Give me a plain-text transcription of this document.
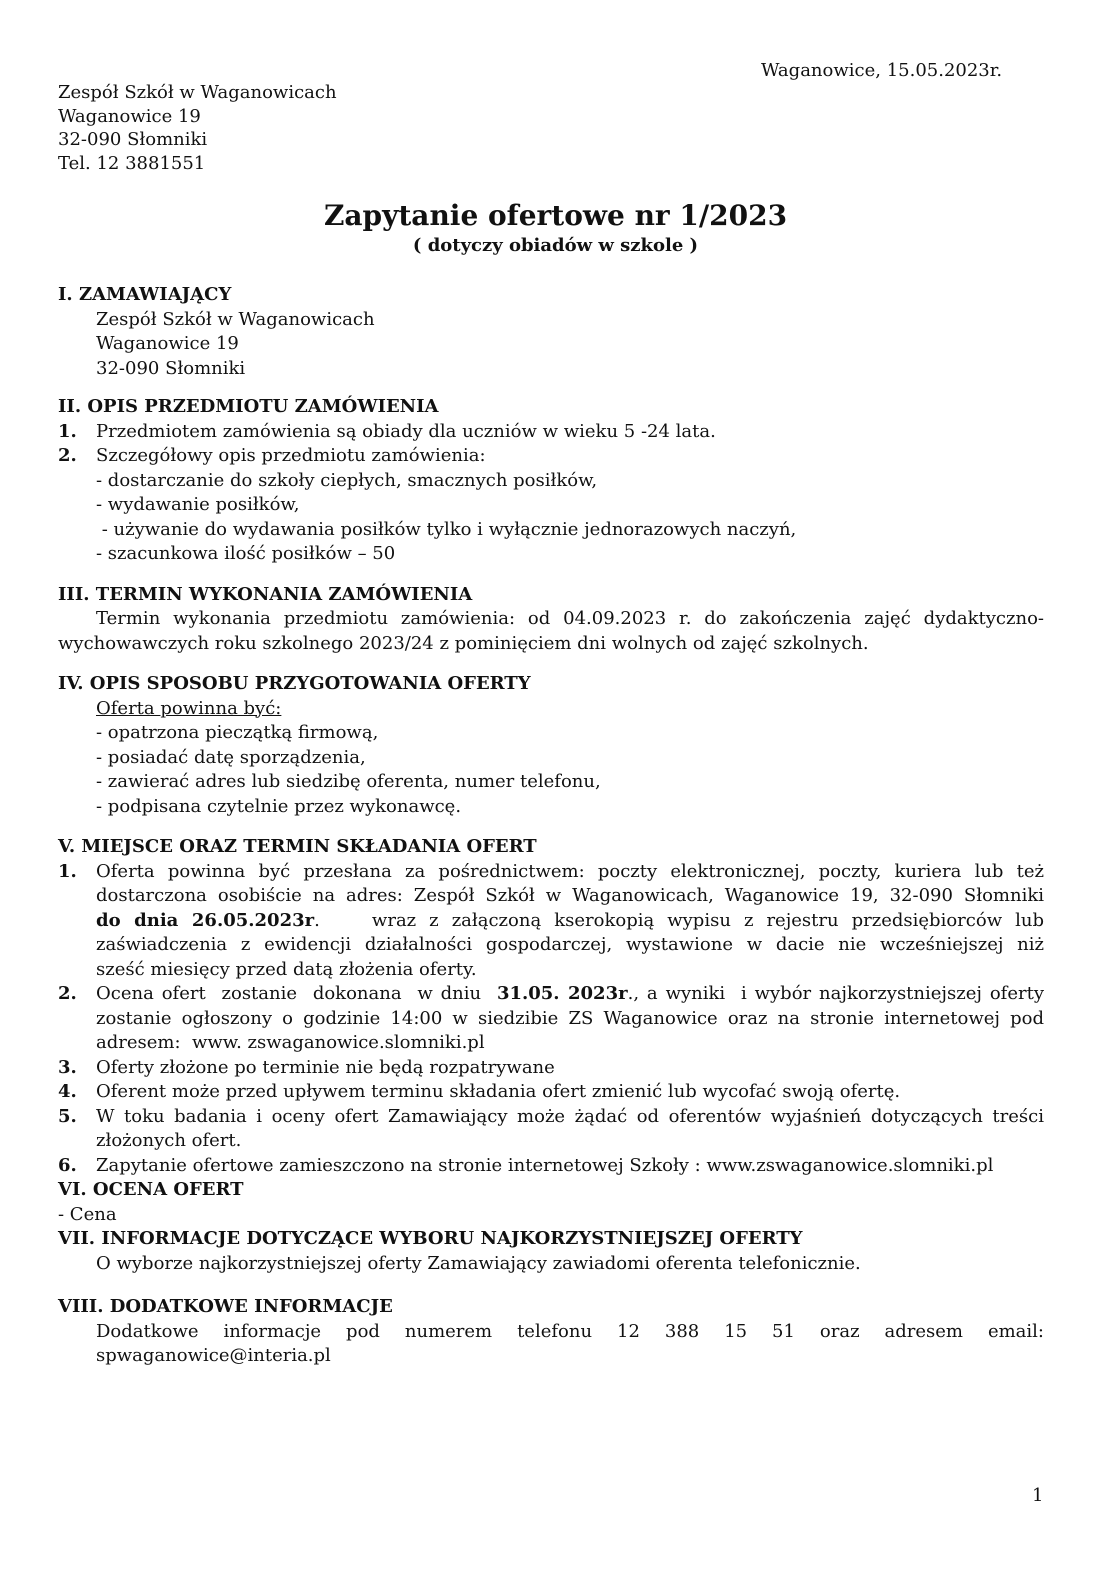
Waganowice, 15.05.2023r.
Zespół Szkół w Waganowicach
Waganowice 19
32-090 Słomniki
Tel. 12 3881551
Zapytanie ofertowe nr 1/2023
( dotyczy obiadów w szkole )
I. ZAMAWIAJĄCY
Zespół Szkół w Waganowicach
Waganowice 19
32-090 Słomniki
II. OPIS PRZEDMIOTU ZAMÓWIENIA
1.	Przedmiotem zamówienia są obiady dla uczniów w wieku 5 -24 lata.
2.	Szczegółowy opis przedmiotu zamówienia:
- dostarczanie do szkoły ciepłych, smacznych posiłków,
- wydawanie posiłków,
- używanie do wydawania posiłków tylko i wyłącznie jednorazowych naczyń,
- szacunkowa ilość posiłków – 50
III. TERMIN WYKONANIA ZAMÓWIENIA
Termin wykonania przedmiotu zamówienia: od 04.09.2023 r. do zakończenia zajęć dydaktyczno-
wychowawczych roku szkolnego 2023/24 z pominięciem dni wolnych od zajęć szkolnych.
IV. OPIS SPOSOBU PRZYGOTOWANIA OFERTY
Oferta powinna być:
- opatrzona pieczątką firmową,
- posiadać datę sporządzenia,
- zawierać adres lub siedzibę oferenta, numer telefonu,
- podpisana czytelnie przez wykonawcę.
V. MIEJSCE ORAZ TERMIN SKŁADANIA OFERT
1.	Oferta powinna być przesłana za pośrednictwem: poczty elektronicznej, poczty, kuriera lub też
dostarczona osobiście na adres: Zespół Szkół w Waganowicach, Waganowice 19, 32-090 Słomniki
do dnia 26.05.2023r.    wraz z załączoną kserokopią wypisu z rejestru przedsiębiorców lub
zaświadczenia z ewidencji działalności gospodarczej, wystawione w dacie nie wcześniejszej niż
sześć miesięcy przed datą złożenia oferty.
2.	Ocena ofert  zostanie  dokonana  w dniu  31.05. 2023r., a wyniki  i wybór najkorzystniejszej oferty
zostanie ogłoszony o godzinie 14:00 w siedzibie ZS Waganowice oraz na stronie internetowej pod
adresem:  www. zswaganowice.slomniki.pl
3.	Oferty złożone po terminie nie będą rozpatrywane
4.	Oferent może przed upływem terminu składania ofert zmienić lub wycofać swoją ofertę.
5.	W toku badania i oceny ofert Zamawiający może żądać od oferentów wyjaśnień dotyczących treści
złożonych ofert.
6.	Zapytanie ofertowe zamieszczono na stronie internetowej Szkoły : www.zswaganowice.slomniki.pl
VI. OCENA OFERT
- Cena
VII. INFORMACJE DOTYCZĄCE WYBORU NAJKORZYSTNIEJSZEJ OFERTY
O wyborze najkorzystniejszej oferty Zamawiający zawiadomi oferenta telefonicznie.
VIII. DODATKOWE INFORMACJE
Dodatkowe informacje pod numerem telefonu 12 388 15 51 oraz adresem email:
spwaganowice@interia.pl
1
